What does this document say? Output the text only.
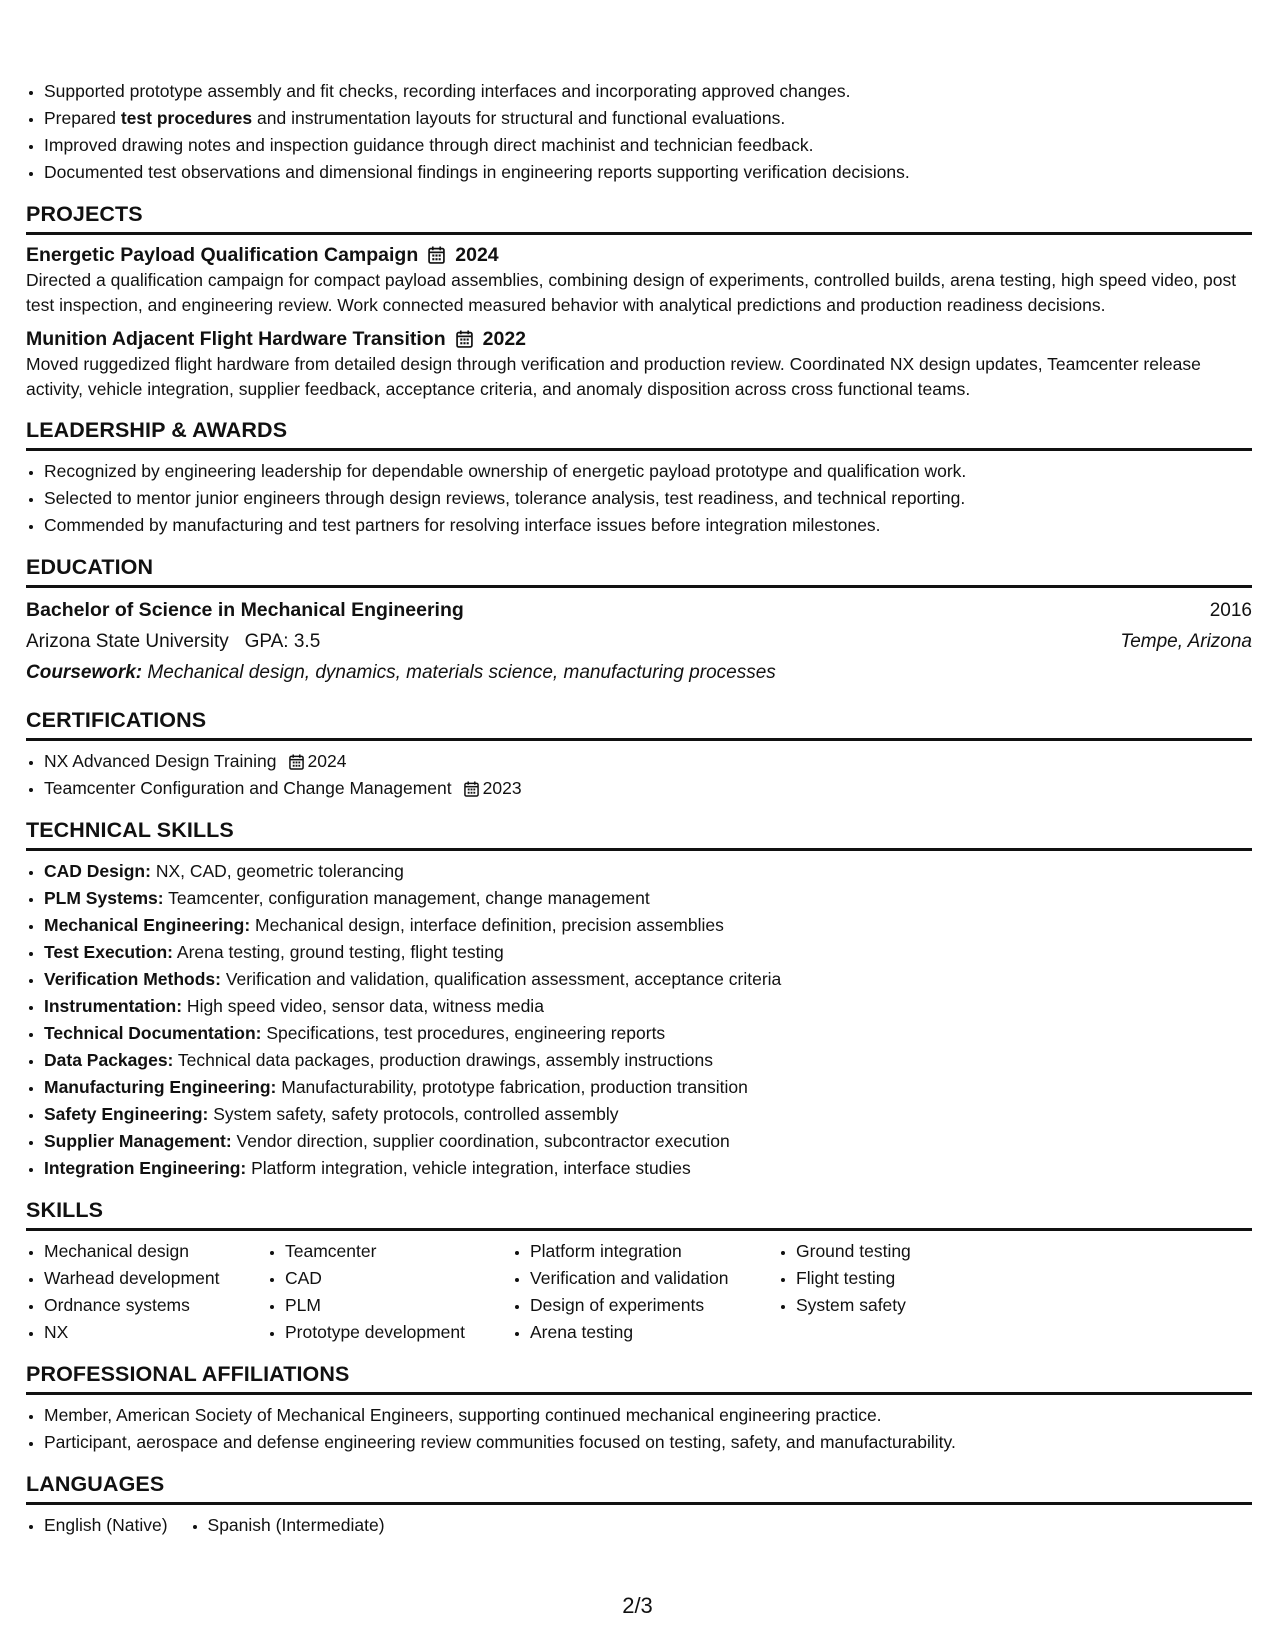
• Supported prototype assembly and fit checks, recording interfaces and incorporating approved changes.
• Prepared test procedures and instrumentation layouts for structural and functional evaluations.
• Improved drawing notes and inspection guidance through direct machinist and technician feedback.
• Documented test observations and dimensional findings in engineering reports supporting verification decisions.
PROJECTS
Energetic Payload Qualification Campaign 2024
Directed a qualification campaign for compact payload assemblies, combining design of experiments, controlled builds, arena testing, high speed video, post test inspection, and engineering review. Work connected measured behavior with analytical predictions and production readiness decisions.
Munition Adjacent Flight Hardware Transition 2022
Moved ruggedized flight hardware from detailed design through verification and production review. Coordinated NX design updates, Teamcenter release activity, vehicle integration, supplier feedback, acceptance criteria, and anomaly disposition across cross functional teams.
LEADERSHIP & AWARDS
• Recognized by engineering leadership for dependable ownership of energetic payload prototype and qualification work.
• Selected to mentor junior engineers through design reviews, tolerance analysis, test readiness, and technical reporting.
• Commended by manufacturing and test partners for resolving interface issues before integration milestones.
EDUCATION
Bachelor of Science in Mechanical Engineering	2016
Arizona State University GPA: 3.5	Tempe, Arizona
Coursework: Mechanical design, dynamics, materials science, manufacturing processes
CERTIFICATIONS
• NX Advanced Design Training 2024
• Teamcenter Configuration and Change Management 2023
TECHNICAL SKILLS
• CAD Design: NX, CAD, geometric tolerancing
• PLM Systems: Teamcenter, configuration management, change management
• Mechanical Engineering: Mechanical design, interface definition, precision assemblies
• Test Execution: Arena testing, ground testing, flight testing
• Verification Methods: Verification and validation, qualification assessment, acceptance criteria
• Instrumentation: High speed video, sensor data, witness media
• Technical Documentation: Specifications, test procedures, engineering reports
• Data Packages: Technical data packages, production drawings, assembly instructions
• Manufacturing Engineering: Manufacturability, prototype fabrication, production transition
• Safety Engineering: System safety, safety protocols, controlled assembly
• Supplier Management: Vendor direction, supplier coordination, subcontractor execution
• Integration Engineering: Platform integration, vehicle integration, interface studies
SKILLS
• Mechanical design
• Warhead development
• Ordnance systems
• NX
• Teamcenter
• CAD
• PLM
• Prototype development
• Platform integration
• Verification and validation
• Design of experiments
• Arena testing
• Ground testing
• Flight testing
• System safety
PROFESSIONAL AFFILIATIONS
• Member, American Society of Mechanical Engineers, supporting continued mechanical engineering practice.
• Participant, aerospace and defense engineering review communities focused on testing, safety, and manufacturability.
LANGUAGES
• English (Native)
• Spanish (Intermediate)
2/3
